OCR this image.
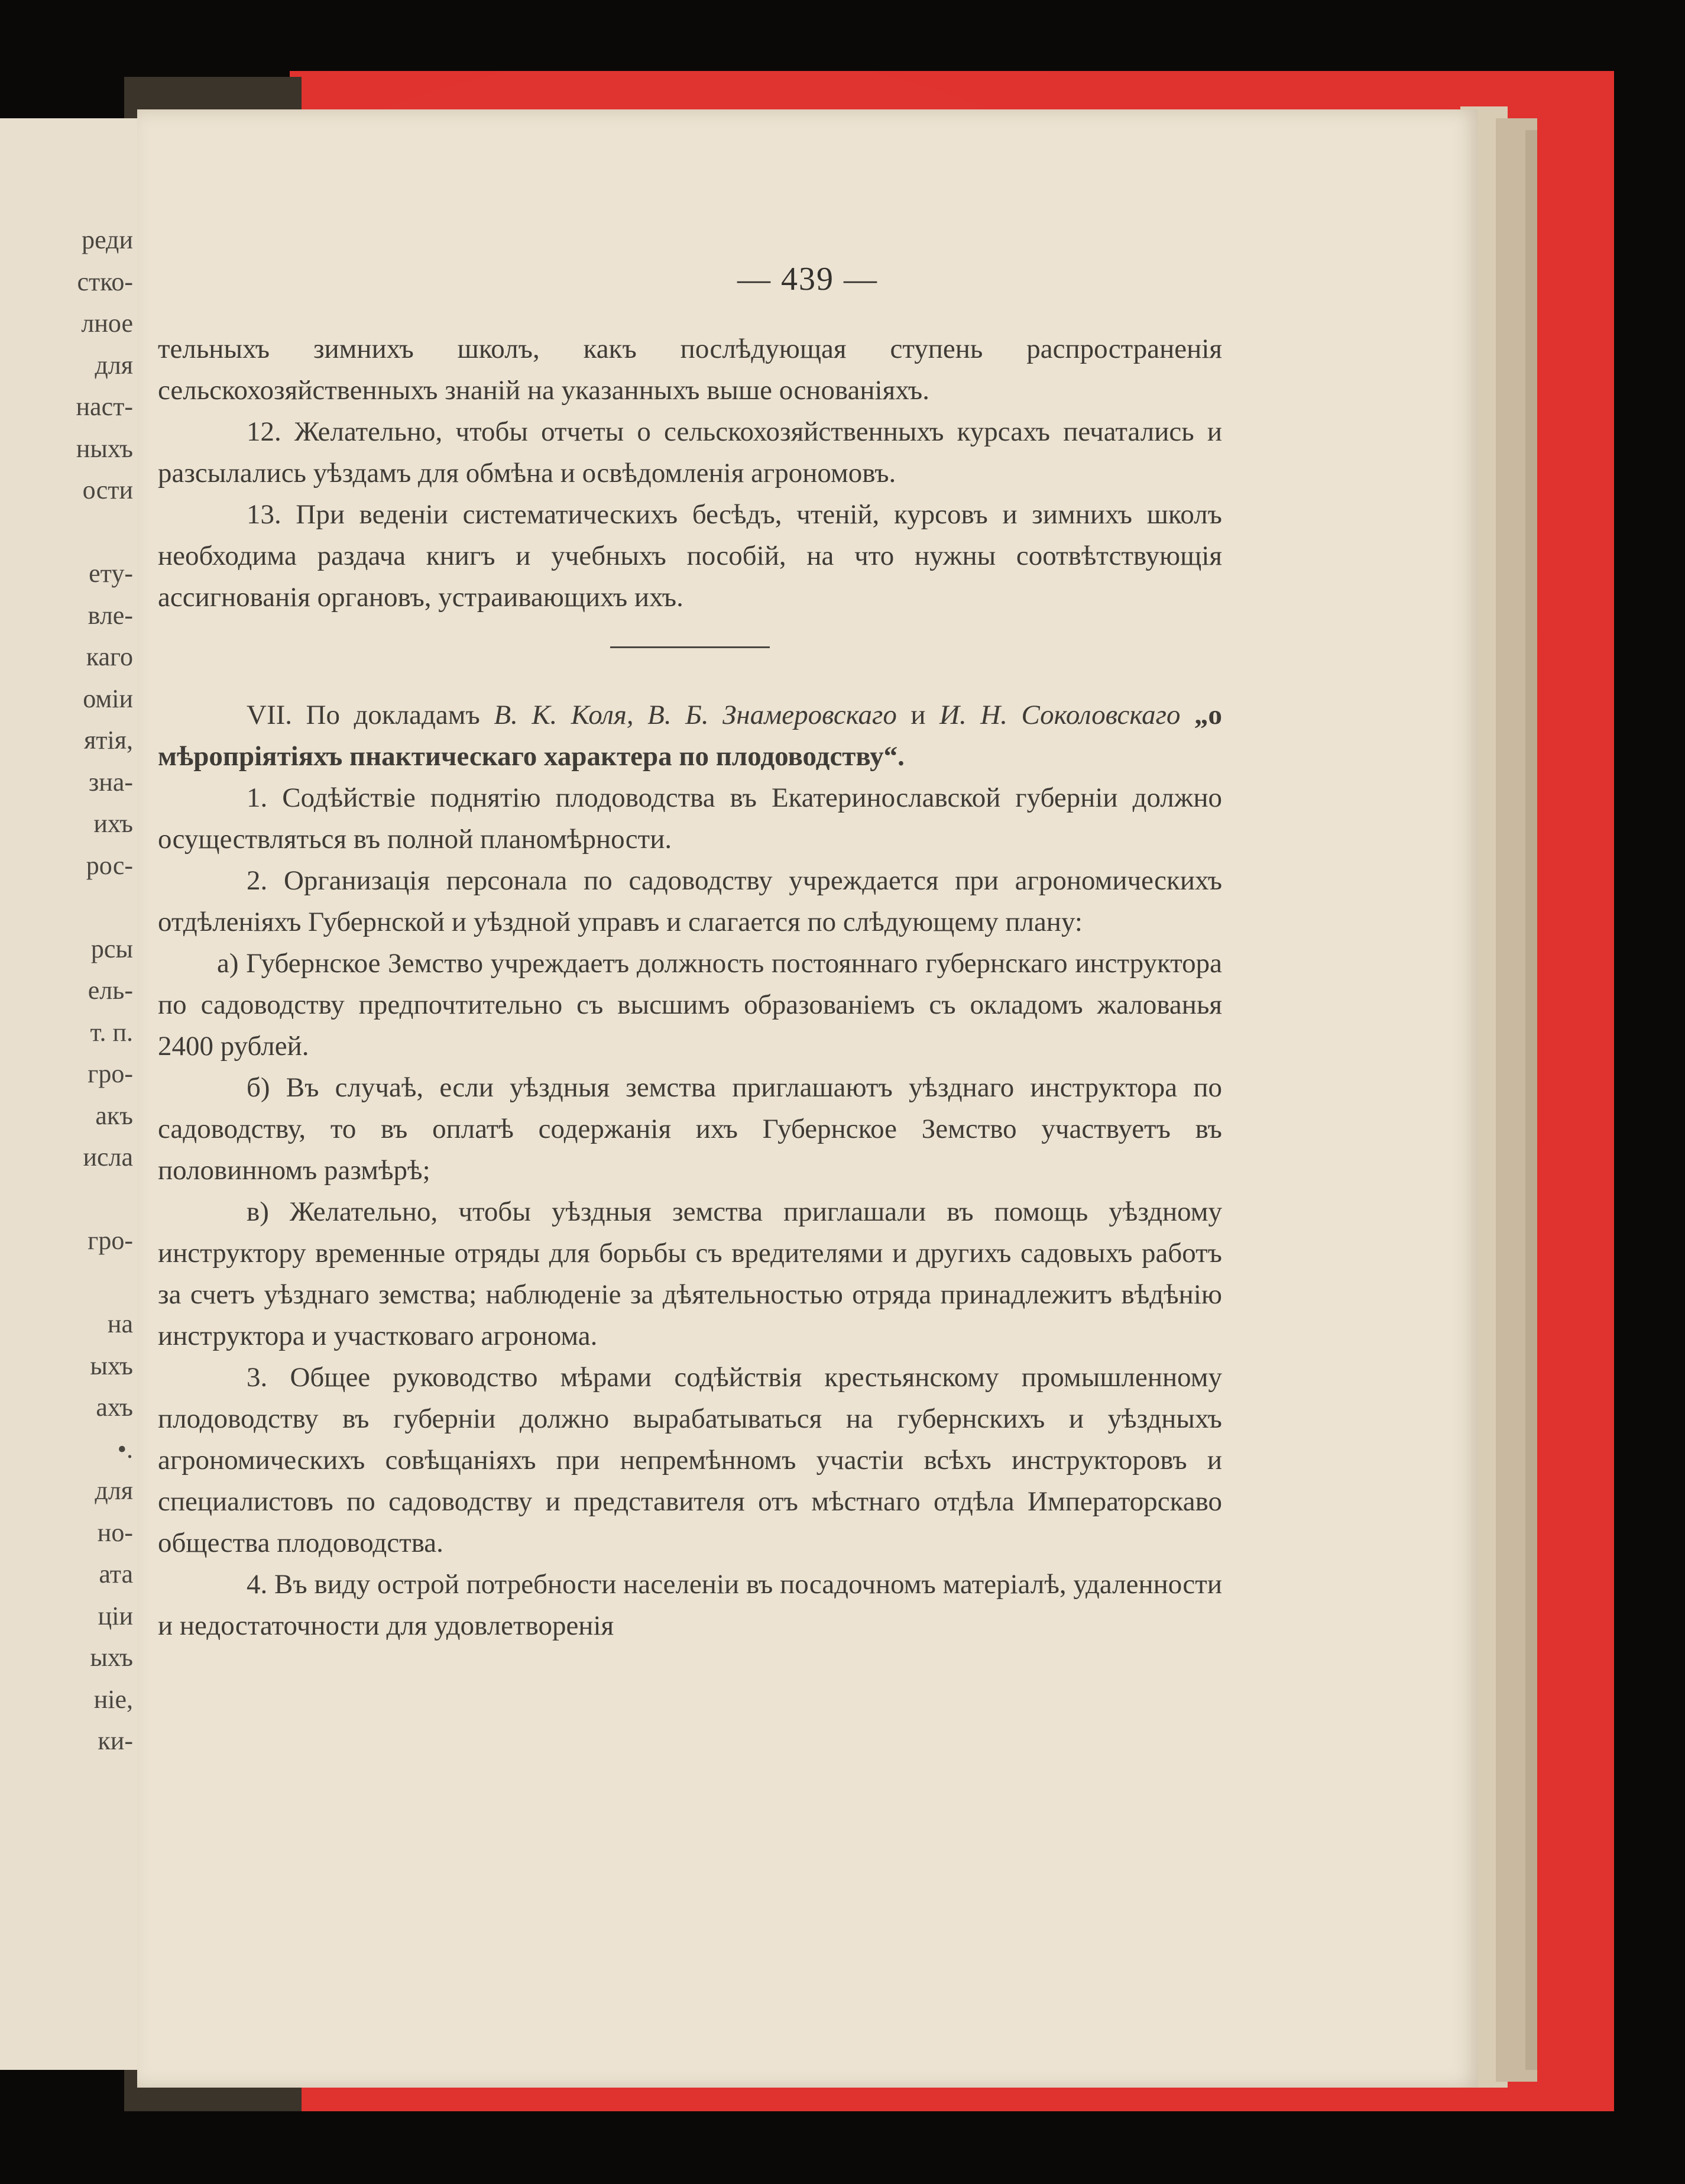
реди
стко-
лное
для
наст-
ныхъ
ости
ету-
вле-
каго
оміи
ятія,
зна-
ихъ
рос-
рсы
ель-
т. п.
гро-
акъ
исла
гро-
на
ыхъ
ахъ
•.
для
но-
ата
ціи
ыхъ
ніе,
ки-
— 439 —

тельныхъ зимнихъ школъ, какъ послѣдующая ступень распространенія сельскохозяйственныхъ знаній на указанныхъ выше основаніяхъ.

12. Желательно, чтобы отчеты о сельскохозяйственныхъ курсахъ печатались и разсылались уѣздамъ для обмѣна и освѣдомленія агрономовъ.

13. При веденіи систематическихъ бесѣдъ, чтеній, курсовъ и зимнихъ школъ необходима раздача книгъ и учебныхъ пособій, на что нужны соотвѣтствующія ассигнованія органовъ, устраивающихъ ихъ.

VII. По докладамъ В. К. Коля, В. Б. Знамеровскаго и И. Н. Соколовскаго „о мѣропріятіяхъ пнактическаго характера по плодоводству“.

1. Содѣйствіе поднятію плодоводства въ Екатеринославской губерніи должно осуществляться въ полной планомѣрности.

2. Организація персонала по садоводству учреждается при агрономическихъ отдѣленіяхъ Губернской и уѣздной управъ и слагается по слѣдующему плану:

а) Губернское Земство учреждаетъ должность постояннаго губернскаго инструктора по садоводству предпочтительно съ высшимъ образованіемъ съ окладомъ жалованья 2400 рублей.

б) Въ случаѣ, если уѣздныя земства приглашаютъ уѣзднаго инструктора по садоводству, то въ оплатѣ содержанія ихъ Губернское Земство участвуетъ въ половинномъ размѣрѣ;

в) Желательно, чтобы уѣздныя земства приглашали въ помощь уѣздному инструктору временные отряды для борьбы съ вредителями и другихъ садовыхъ работъ за счетъ уѣзднаго земства; наблюденіе за дѣятельностью отряда принадлежитъ вѣдѣнію инструктора и участковаго агронома.

3. Общее руководство мѣрами содѣйствія крестьянскому промышленному плодоводству въ губерніи должно вырабатываться на губернскихъ и уѣздныхъ агрономическихъ совѣщаніяхъ при непремѣнномъ участіи всѣхъ инструкторовъ и специалистовъ по садоводству и представителя отъ мѣстнаго отдѣла Императорскаво общества плодоводства.

4. Въ виду острой потребности населеніи въ посадочномъ матеріалѣ, удаленности и недостаточности для удовлетворенія
